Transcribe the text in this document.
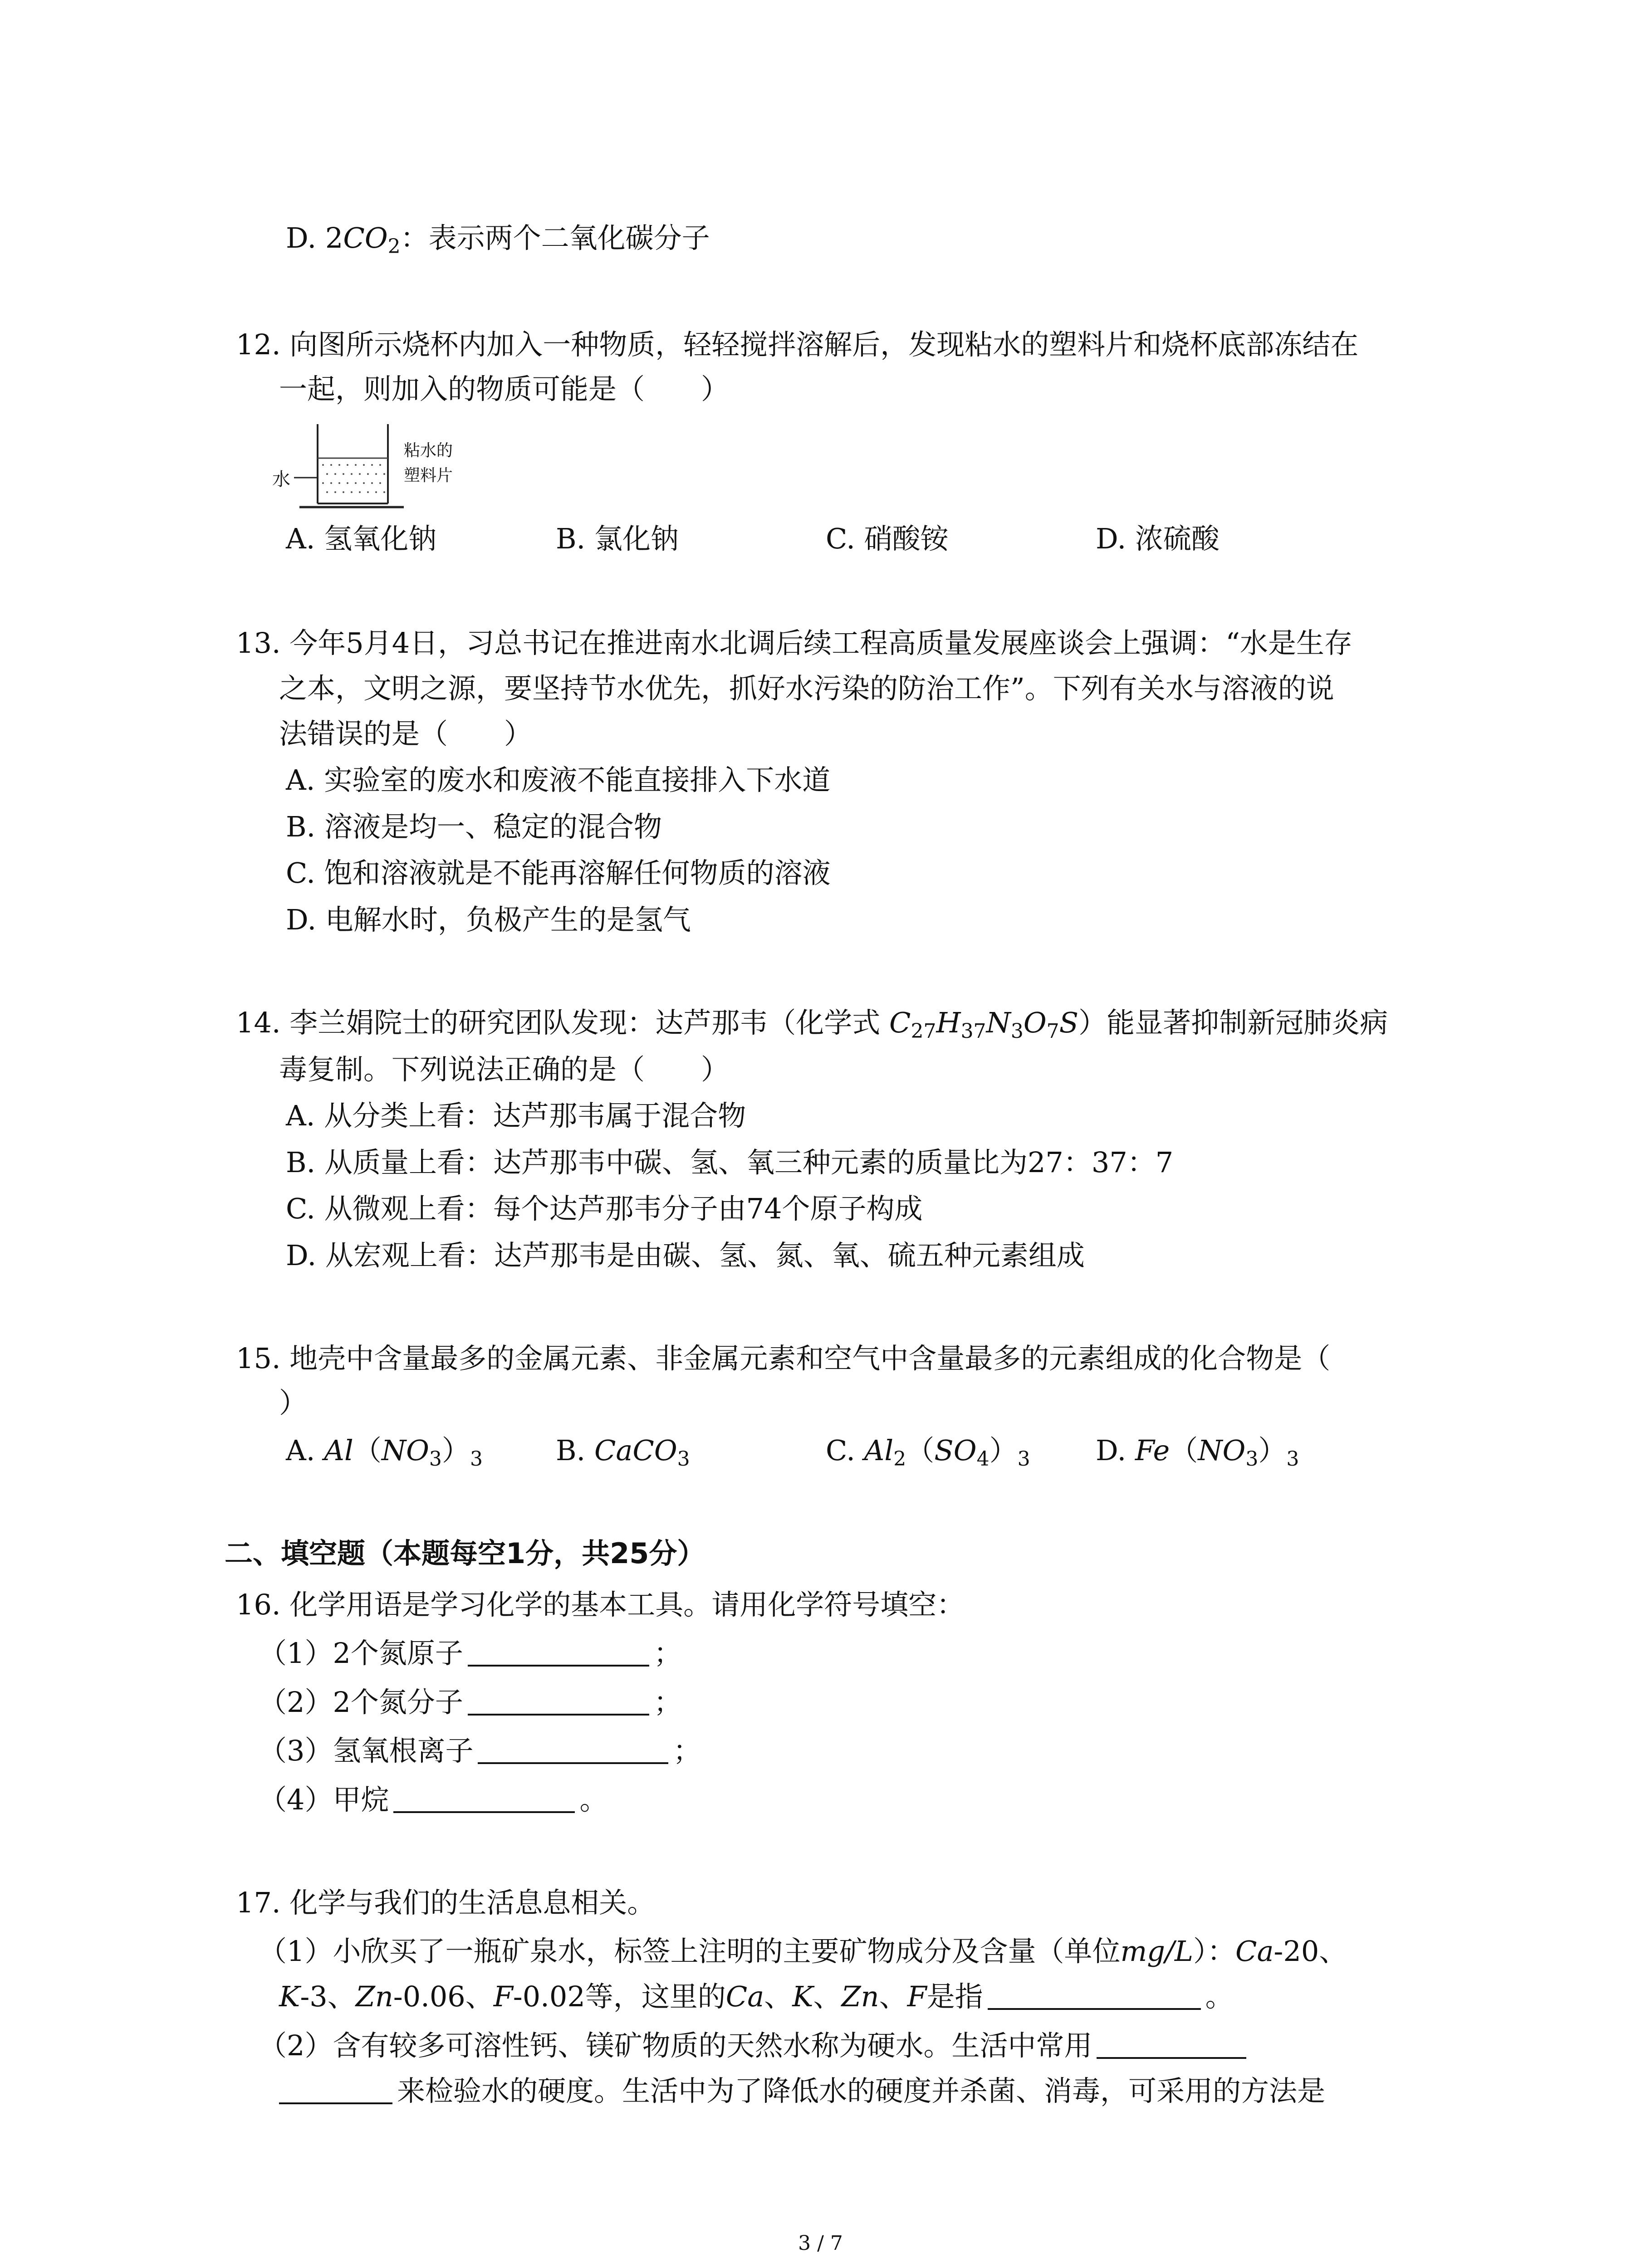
D. $2CO_2$：表示两个二氧化碳分子
12. 向图所示烧杯内加入一种物质，轻轻搅拌溶解后，发现粘水的塑料片和烧杯底部冻结在
一起，则加入的物质可能是（　　）
水
粘水的
塑料片
A. 氢氧化钠	B. 氯化钠	C. 硝酸铵	D. 浓硫酸
13. 今年5月4日，习总书记在推进南水北调后续工程高质量发展座谈会上强调：“水是生存
之本，文明之源，要坚持节水优先，抓好水污染的防治工作”。下列有关水与溶液的说
法错误的是（　　）
A. 实验室的废水和废液不能直接排入下水道
B. 溶液是均一、稳定的混合物
C. 饱和溶液就是不能再溶解任何物质的溶液
D. 电解水时，负极产生的是氢气
14. 李兰娟院士的研究团队发现：达芦那韦（化学式 $C_{27}H_{37}N_3O_7S$）能显著抑制新冠肺炎病
毒复制。下列说法正确的是（　　）
A. 从分类上看：达芦那韦属于混合物
B. 从质量上看：达芦那韦中碳、氢、氧三种元素的质量比为27：37：7
C. 从微观上看：每个达芦那韦分子由74个原子构成
D. 从宏观上看：达芦那韦是由碳、氢、氮、氧、硫五种元素组成
15. 地壳中含量最多的金属元素、非金属元素和空气中含量最多的元素组成的化合物是（
）
A. $Al(NO_3)_3$	B. CaCO$_3$	C. $Al_2(SO_4)_3$ D. $Fe(NO_3)_3$
二、填空题（本题每空1分，共25分）
16. 化学用语是学习化学的基本工具。请用化学符号填空：
（1）2个氮原子	；
（2）2个氮分子	；
（3）氢氧根离子	；
（4）甲烷	。
17. 化学与我们的生活息息相关。
（1）小欣买了一瓶矿泉水，标签上注明的主要矿物成分及含量（单位mg/L）：Ca-20、
K-3、Zn-0.06、F-0.02等，这里的Ca、K、Zn、F是指	。
（2）含有较多可溶性钙、镁矿物质的天然水称为硬水。生活中常用
来检验水的硬度。生活中为了降低水的硬度并杀菌、消毒，可采用的方法是
3 / 7
